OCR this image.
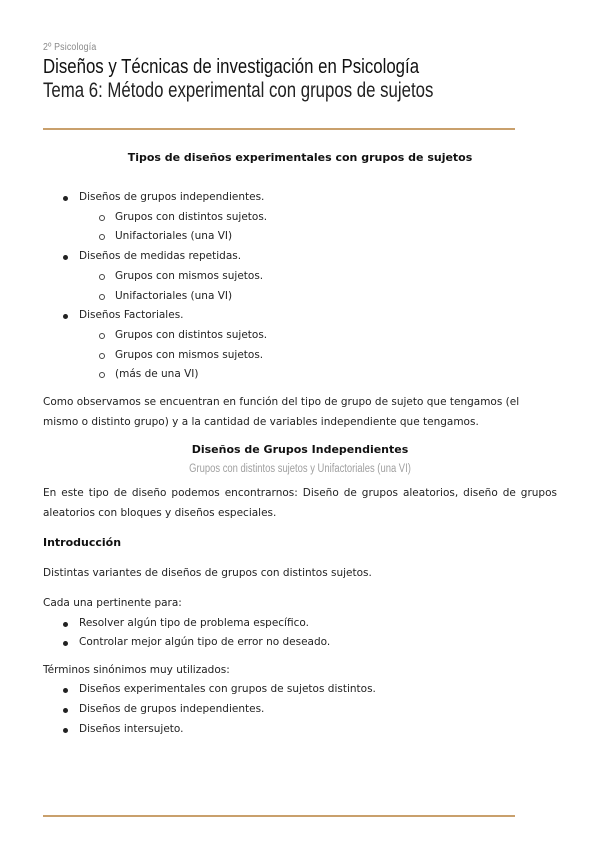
2º Psicología
Diseños y Técnicas de investigación en Psicología
Tema 6: Método experimental con grupos de sujetos
Tipos de diseños experimentales con grupos de sujetos
Diseños de grupos independientes.
Grupos con distintos sujetos.
Unifactoriales (una VI)
Diseños de medidas repetidas.
Grupos con mismos sujetos.
Unifactoriales (una VI)
Diseños Factoriales.
Grupos con distintos sujetos.
Grupos con mismos sujetos.
(más de una VI)

Como observamos se encuentran en función del tipo de grupo de sujeto que tengamos (el mismo o distinto grupo) y a la cantidad de variables independiente que tengamos.

Diseños de Grupos Independientes
Grupos con distintos sujetos y Unifactoriales (una VI)

En este tipo de diseño podemos encontrarnos: Diseño de grupos aleatorios, diseño de grupos aleatorios con bloques y diseños especiales.

Introducción

Distintas variantes de diseños de grupos con distintos sujetos.

Cada una pertinente para:

Resolver algún tipo de problema específico.
Controlar mejor algún tipo de error no deseado.

Términos sinónimos muy utilizados:

Diseños experimentales con grupos de sujetos distintos.
Diseños de grupos independientes.
Diseños intersujeto.
